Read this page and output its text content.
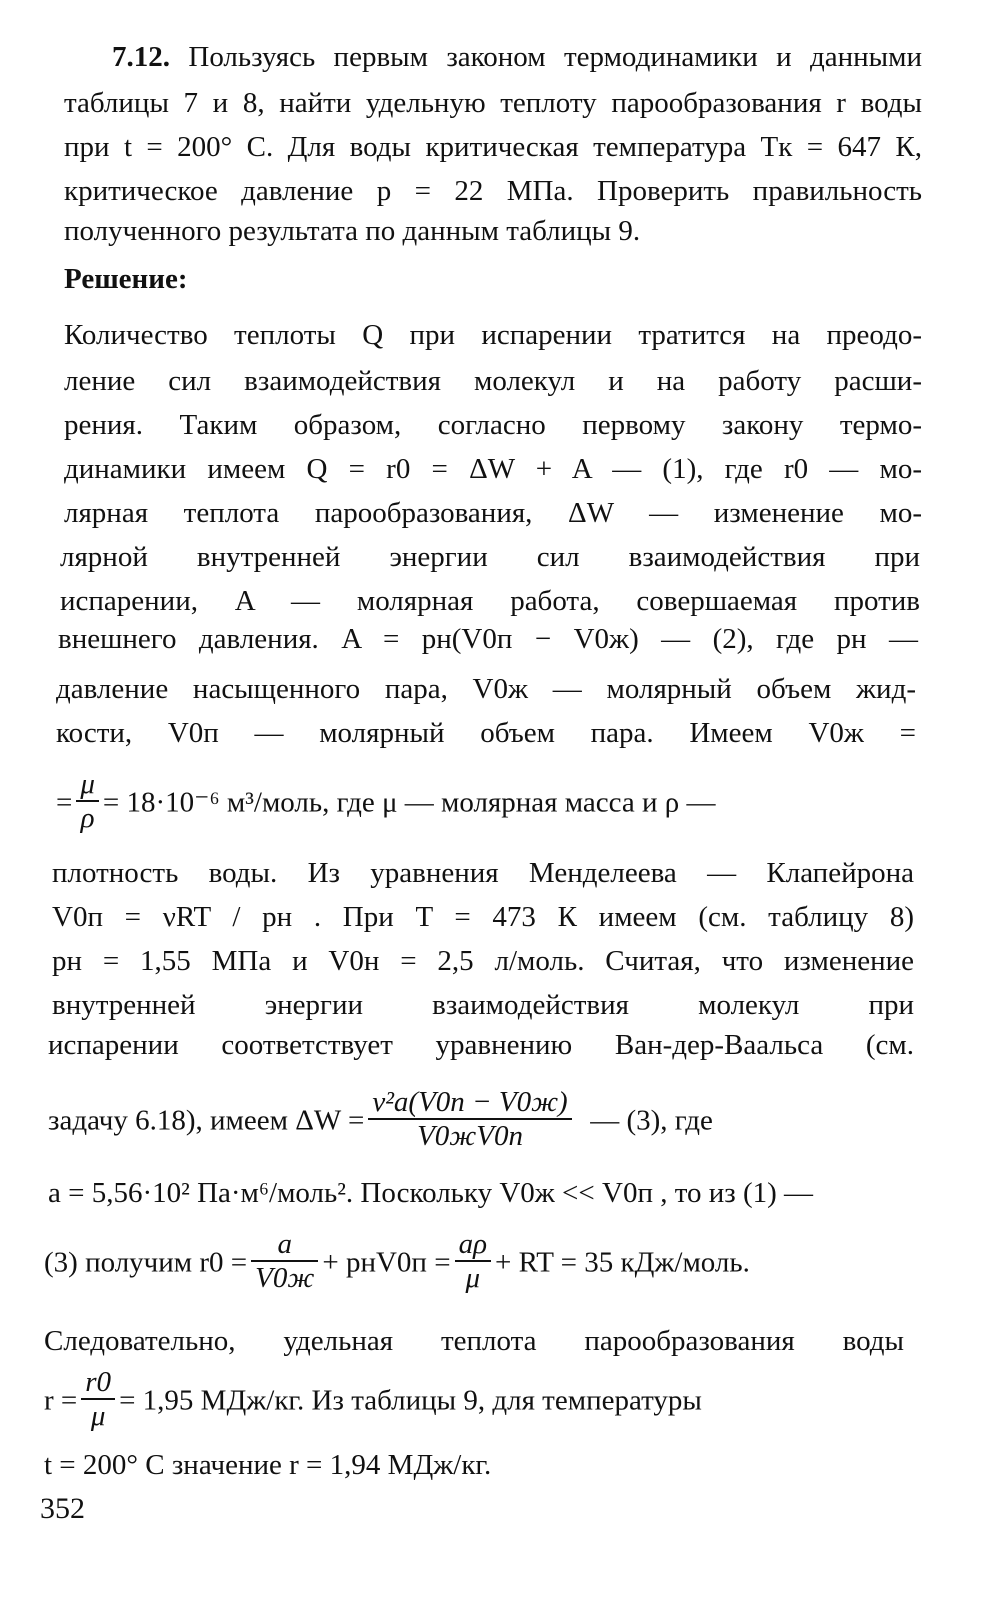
7.12. Пользуясь первым законом термодинамики и данными
таблицы 7 и 8, найти удельную теплоту парообразования r воды
при t = 200° С. Для воды критическая температура Tк = 647 К,
критическое давление p = 22 МПа. Проверить правильность
полученного результата по данным таблицы 9.
Решение:
Количество теплоты Q при испарении тратится на преодо-
ление сил взаимодействия молекул и на работу расши-
рения. Таким образом, согласно первому закону термо-
динамики имеем Q = r0 = ΔW + A — (1), где r0 — мо-
лярная теплота парообразования, ΔW — изменение мо-
лярной внутренней энергии сил взаимодействия при
испарении, A — молярная работа, совершаемая против
внешнего давления. A = pн(V0п − V0ж) — (2), где pн —
давление насыщенного пара, V0ж — молярный объем жид-
кости, V0п — молярный объем пара. Имеем V0ж =
= $\frac{\mu}{\rho} = 18\cdot 10^{-6}$ м³/моль, где μ — молярная масса и ρ —
плотность воды. Из уравнения Менделеева — Клапейрона
V0п = νRT / pн . При T = 473 К имеем (см. таблицу 8)
pн = 1,55 МПа и V0н = 2,5 л/моль. Считая, что изменение
внутренней энергии взаимодействия молекул при
испарении соответствует уравнению Ван-дер-Ваальса (см.
задачу 6.18), имеем $\Delta W = \frac{\text{ν²a(V0п − V0ж)}}{V0жV0п}$ — (3), где
a = 5,56·10² Па·м⁶/моль². Поскольку V0ж << V0п , то из (1) —
(3) получим $r0 = \frac{a}{V0ж} + pнV0п = \frac{a\rho}{\mu}$ + RT = 35 кДж/моль.
Следовательно, удельная теплота парообразования воды
$r = \frac{r0}{\mu} = 1,95$ МДж/кг. Из таблицы 9, для температуры
t = 200° С значение r = 1,94 МДж/кг.
352
